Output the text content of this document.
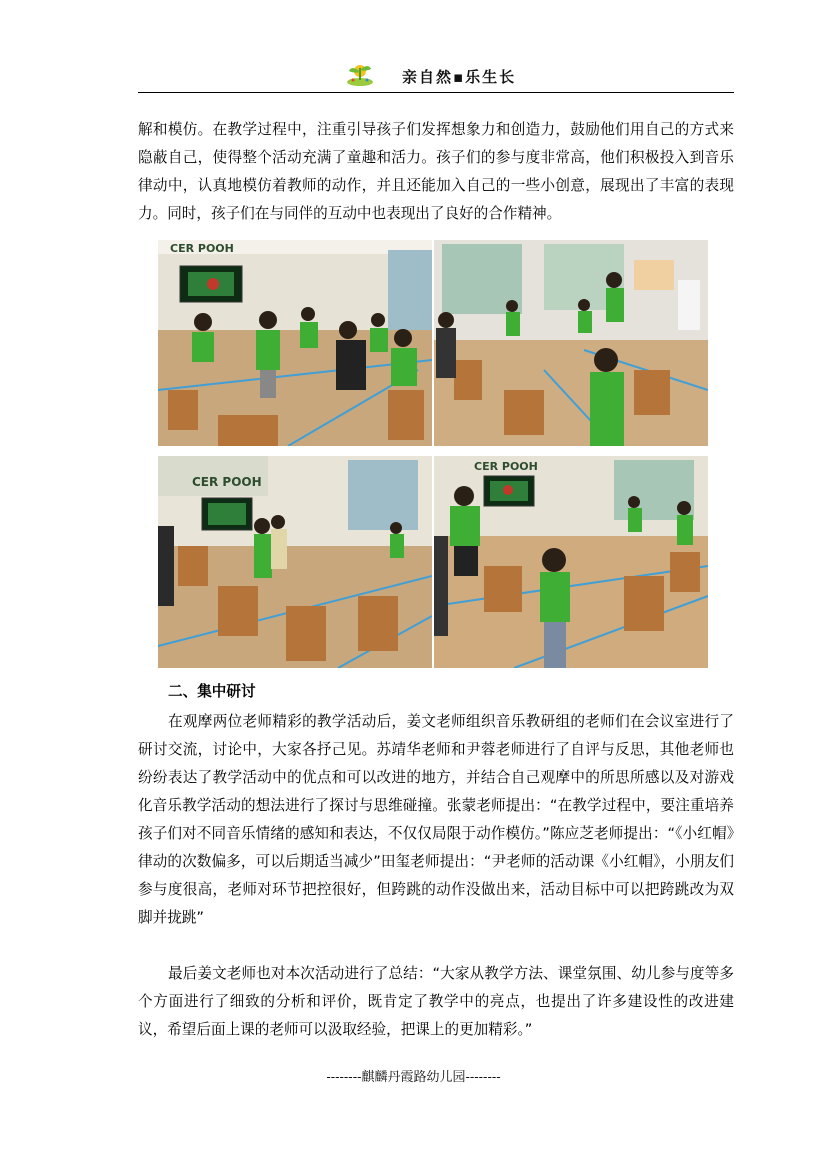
亲自然▪乐生长

解和模仿。在教学过程中，注重引导孩子们发挥想象力和创造力，鼓励他们用自己的方式来隐蔽自己，使得整个活动充满了童趣和活力。孩子们的参与度非常高，他们积极投入到音乐律动中，认真地模仿着教师的动作，并且还能加入自己的一些小创意，展现出了丰富的表现力。同时，孩子们在与同伴的互动中也表现出了良好的合作精神。

CER POOH
CER POOH
CER POOH

二、集中研讨

在观摩两位老师精彩的教学活动后，姜文老师组织音乐教研组的老师们在会议室进行了研讨交流，讨论中，大家各抒己见。苏靖华老师和尹蓉老师进行了自评与反思，其他老师也纷纷表达了教学活动中的优点和可以改进的地方，并结合自己观摩中的所思所感以及对游戏化音乐教学活动的想法进行了探讨与思维碰撞。张蒙老师提出：“在教学过程中，要注重培养孩子们对不同音乐情绪的感知和表达，不仅仅局限于动作模仿。”陈应芝老师提出：“《小红帽》律动的次数偏多，可以后期适当减少”田玺老师提出：“尹老师的活动课《小红帽》，小朋友们参与度很高，老师对环节把控很好，但跨跳的动作没做出来，活动目标中可以把跨跳改为双脚并拢跳”

最后姜文老师也对本次活动进行了总结：“大家从教学方法、课堂氛围、幼儿参与度等多个方面进行了细致的分析和评价，既肯定了教学中的亮点，也提出了许多建设性的改进建议，希望后面上课的老师可以汲取经验，把课上的更加精彩。”

--------麒麟丹霞路幼儿园--------
